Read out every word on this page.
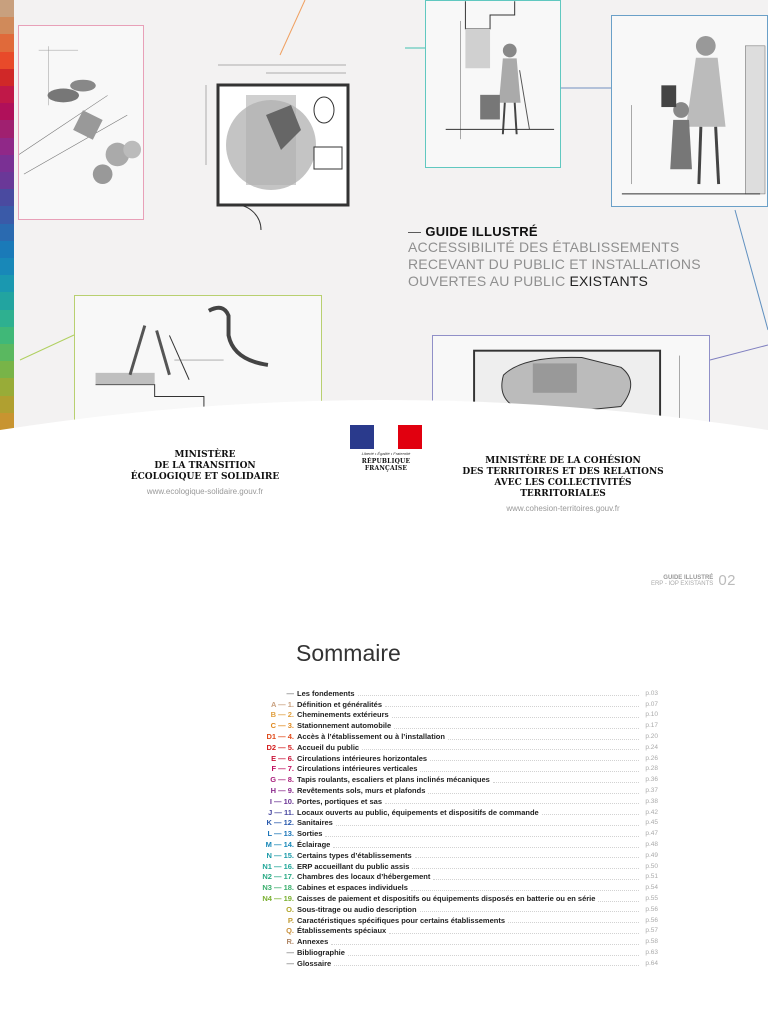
— GUIDE ILLUSTRÉ
ACCESSIBILITÉ DES ÉTABLISSEMENTS
RECEVANT DU PUBLIC ET INSTALLATIONS
OUVERTES AU PUBLIC EXISTANTS
Liberté • Égalité • Fraternité
RÉPUBLIQUE FRANÇAISE
MINISTÈRE
DE LA TRANSITION
ÉCOLOGIQUE ET SOLIDAIRE
www.ecologique-solidaire.gouv.fr
MINISTÈRE DE LA COHÉSION
DES TERRITOIRES ET DES RELATIONS
AVEC LES COLLECTIVITÉS TERRITORIALES
www.cohesion-territoires.gouv.fr
GUIDE ILLUSTRÉ
ERP - IOP EXISTANTS 02
Sommaire
— Les fondements	p.03
A — 1. Définition et généralités	p.07
B — 2. Cheminements extérieurs	p.10
C — 3. Stationnement automobile	p.17
D1 — 4. Accès à l’établissement ou à l’installation	p.20
D2 — 5. Accueil du public	p.24
E — 6. Circulations intérieures horizontales	p.26
F — 7. Circulations intérieures verticales	p.28
G — 8. Tapis roulants, escaliers et plans inclinés mécaniques	p.36
H — 9. Revêtements sols, murs et plafonds	p.37
I — 10. Portes, portiques et sas	p.38
J — 11. Locaux ouverts au public, équipements et dispositifs de commande	p.42
K — 12. Sanitaires	p.45
L — 13. Sorties	p.47
M — 14. Éclairage	p.48
N — 15. Certains types d’établissements	p.49
N1 — 16. ERP accueillant du public assis	p.50
N2 — 17. Chambres des locaux d’hébergement	p.51
N3 — 18. Cabines et espaces individuels	p.54
N4 — 19. Caisses de paiement et dispositifs ou équipements disposés en batterie ou en série	p.55
O. Sous-titrage ou audio description	p.56
P. Caractéristiques spécifiques pour certains établissements	p.56
Q. Établissements spéciaux	p.57
R. Annexes	p.58
— Bibliographie	p.63
— Glossaire	p.64
